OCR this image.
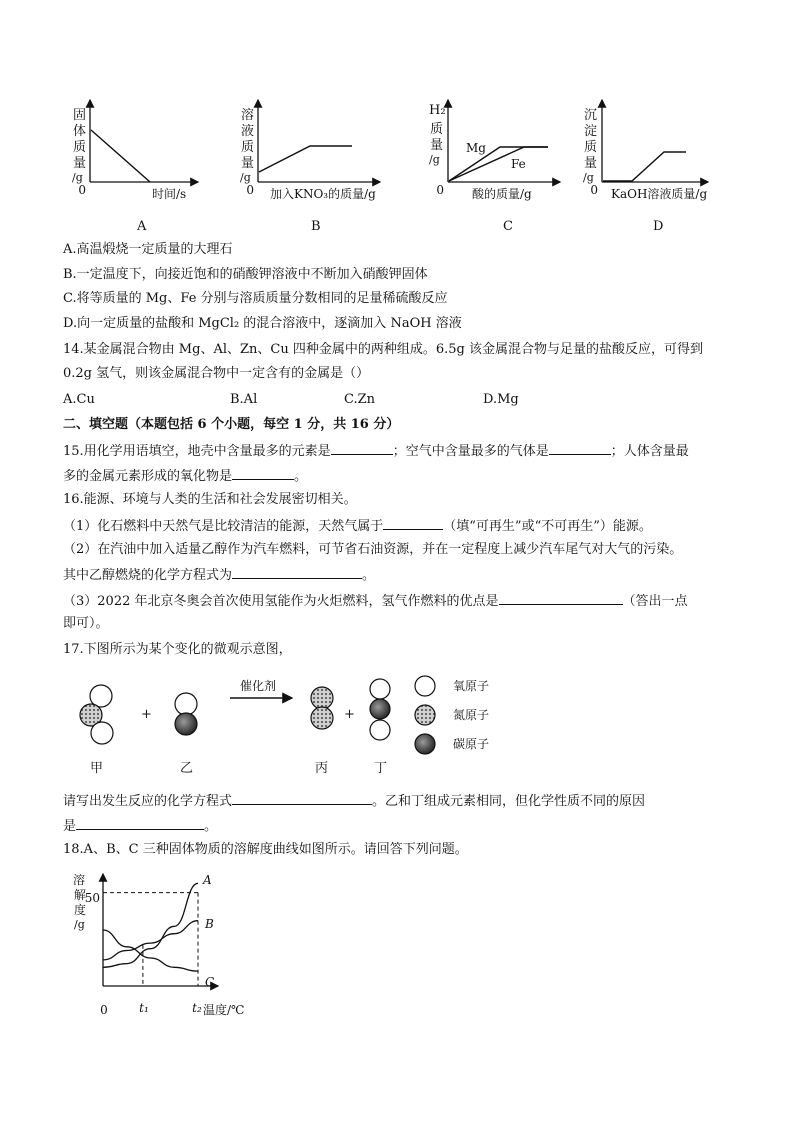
固
体
质
量
/g
0	时间/s
A
溶
液
质
量
/g
0 加入KNO₃的质量/g
B
H₂
质
量
/g
Mg
Fe
0 酸的质量/g
C
沉
淀
质
量
/g
0 KaOH溶液质量/g
D
A.高温煅烧一定质量的大理石
B.一定温度下，向接近饱和的硝酸钾溶液中不断加入硝酸钾固体
C.将等质量的 Mg、Fe 分别与溶质质量分数相同的足量稀硫酸反应
D.向一定质量的盐酸和 MgCl₂ 的混合溶液中，逐滴加入 NaOH 溶液
14.某金属混合物由 Mg、Al、Zn、Cu 四种金属中的两种组成。6.5g 该金属混合物与足量的盐酸反应，可得到
0.2g 氢气，则该金属混合物中一定含有的金属是（）
A.Cu	B.Al	C.Zn	D.Mg
二、填空题（本题包括 6 个小题，每空 1 分，共 16 分）
15.用化学用语填空，地壳中含量最多的元素是	；空气中含量最多的气体是	；人体含量最
多的金属元素形成的氧化物是	。
16.能源、环境与人类的生活和社会发展密切相关。
（1）化石燃料中天然气是比较清洁的能源，天然气属于	（填“可再生”或“不可再生”）能源。
（2）在汽油中加入适量乙醇作为汽车燃料，可节省石油资源，并在一定程度上减少汽车尾气对大气的污染。
其中乙醇燃烧的化学方程式为	。
（3）2022 年北京冬奥会首次使用氢能作为火炬燃料，氢气作燃料的优点是	（答出一点
即可）。
17.下图所示为某个变化的微观示意图，
+
催化剂
+
氧原子
氮原子
碳原子
甲	乙	丙	丁
请写出发生反应的化学方程式	。乙和丁组成元素相同，但化学性质不同的原因
是	。
18.A、B、C 三种固体物质的溶解度曲线如图所示。请回答下列问题。
溶
解
度
/g
50
0	t₁	t₂ 温度/℃
A
B
C
